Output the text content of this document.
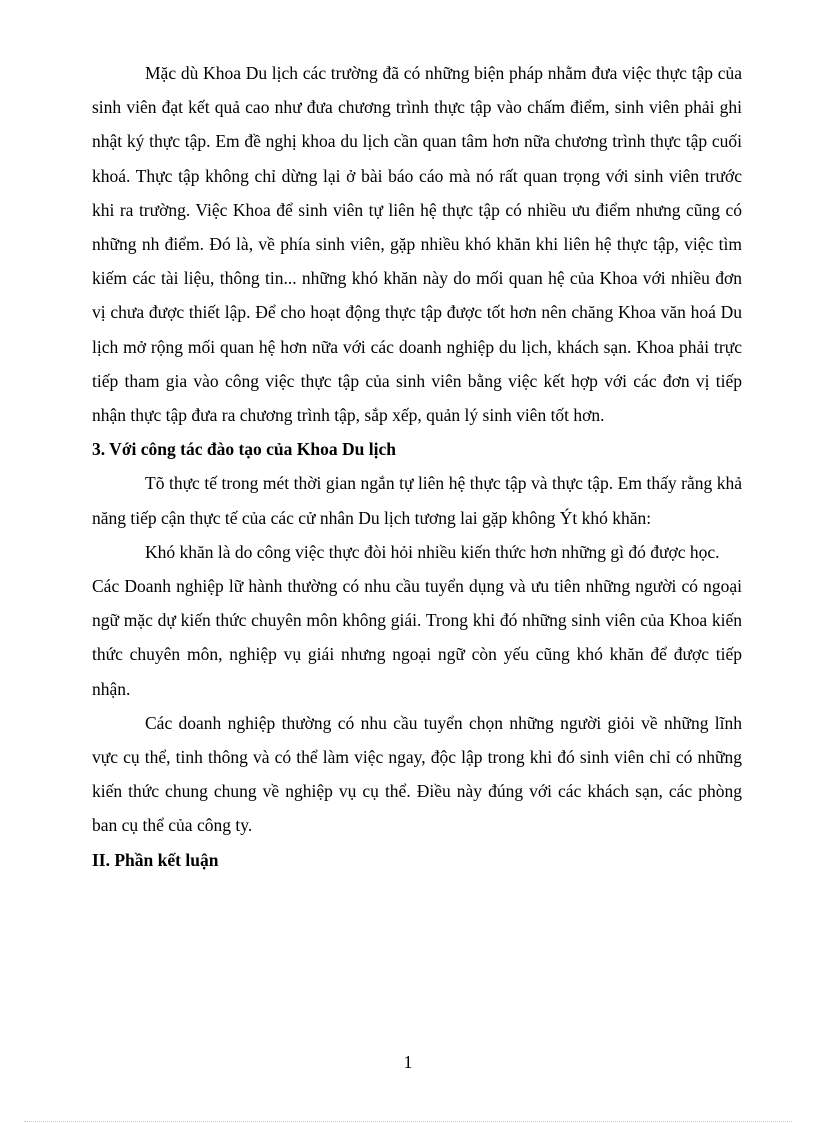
Mặc dù Khoa Du lịch các trường đã có những biện pháp nhằm đưa việc thực tập của sinh viên đạt kết quả cao như đưa chương trình thực tập vào chấm điểm, sinh viên phải ghi nhật ký thực tập. Em đề nghị khoa du lịch cần quan tâm hơn nữa chương trình thực tập cuối khoá. Thực tập không chỉ dừng lại ở bài báo cáo mà nó rất quan trọng với sinh viên trước khi ra trường. Việc Khoa để sinh viên tự liên hệ thực tập có nhiều ưu điểm nhưng cũng có những nh điểm. Đó là, về phía sinh viên, gặp nhiều khó khăn khi liên hệ thực tập, việc tìm kiếm các tài liệu, thông tin... những khó khăn này do mối quan hệ của Khoa với nhiều đơn vị chưa được thiết lập. Để cho hoạt động thực tập được tốt hơn nên chăng Khoa văn hoá Du lịch mở rộng mối quan hệ hơn nữa với các doanh nghiệp du lịch, khách sạn. Khoa phải trực tiếp tham gia vào công việc thực tập của sinh viên bằng việc kết hợp với các đơn vị tiếp nhận thực tập đưa ra chương trình tập, sắp xếp, quản lý sinh viên tốt hơn.

3. Với công tác đào tạo của Khoa Du lịch

Tõ thực tế trong mét thời gian ngắn tự liên hệ thực tập và thực tập. Em thấy rằng khả năng tiếp cận thực tế của các cử nhân Du lịch tương lai gặp không Ýt khó khăn:

Khó khăn là do công việc thực đòi hỏi nhiều kiến thức hơn những gì đó được học.

Các Doanh nghiệp lữ hành thường có nhu cầu tuyển dụng và ưu tiên những người có ngoại ngữ mặc dự kiến thức chuyên môn không giái. Trong khi đó những sinh viên của Khoa kiến thức chuyên môn, nghiệp vụ giái nhưng ngoại ngữ còn yếu cũng khó khăn để được tiếp nhận.

Các doanh nghiệp thường có nhu cầu tuyển chọn những người giỏi về những lĩnh vực cụ thể, tinh thông và có thể làm việc ngay, độc lập trong khi đó sinh viên chỉ có những kiến thức chung chung về nghiệp vụ cụ thể. Điều này đúng với các khách sạn, các phòng ban cụ thể của công ty.

II. Phần kết luận

1
